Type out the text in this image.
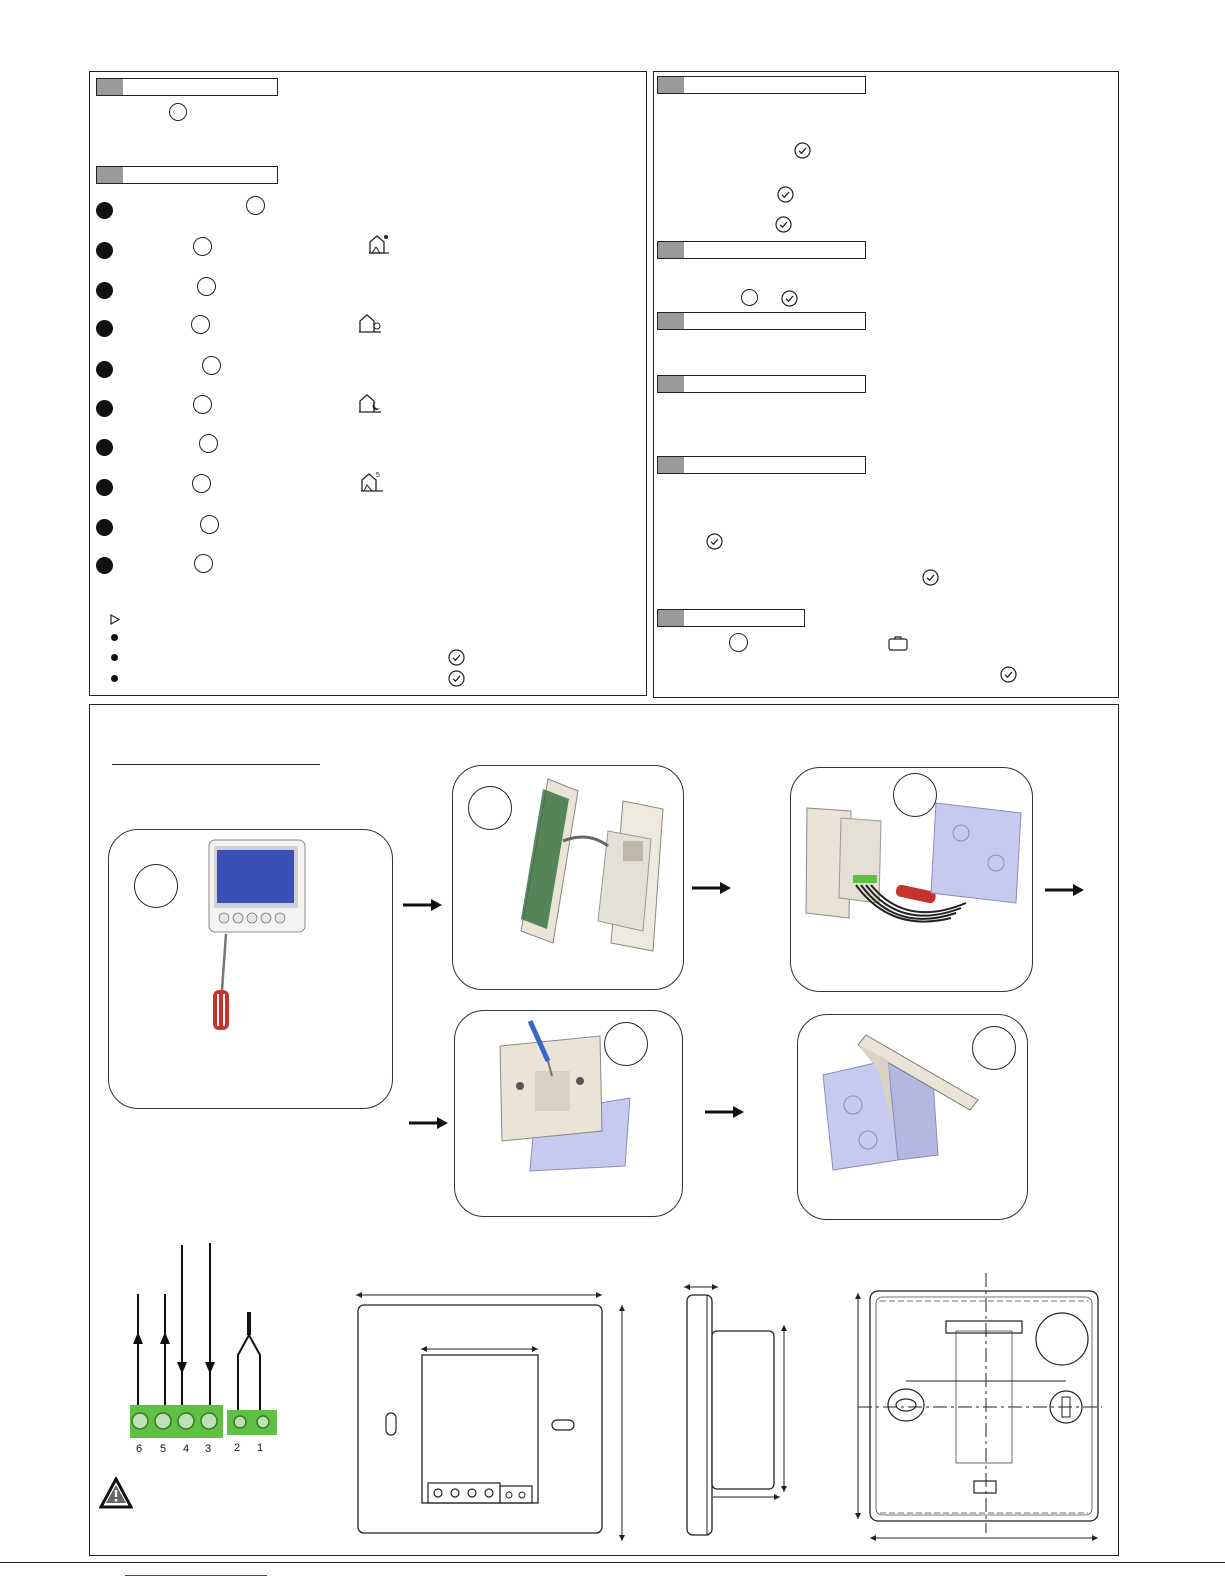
5
6 5 4 3 2 1
